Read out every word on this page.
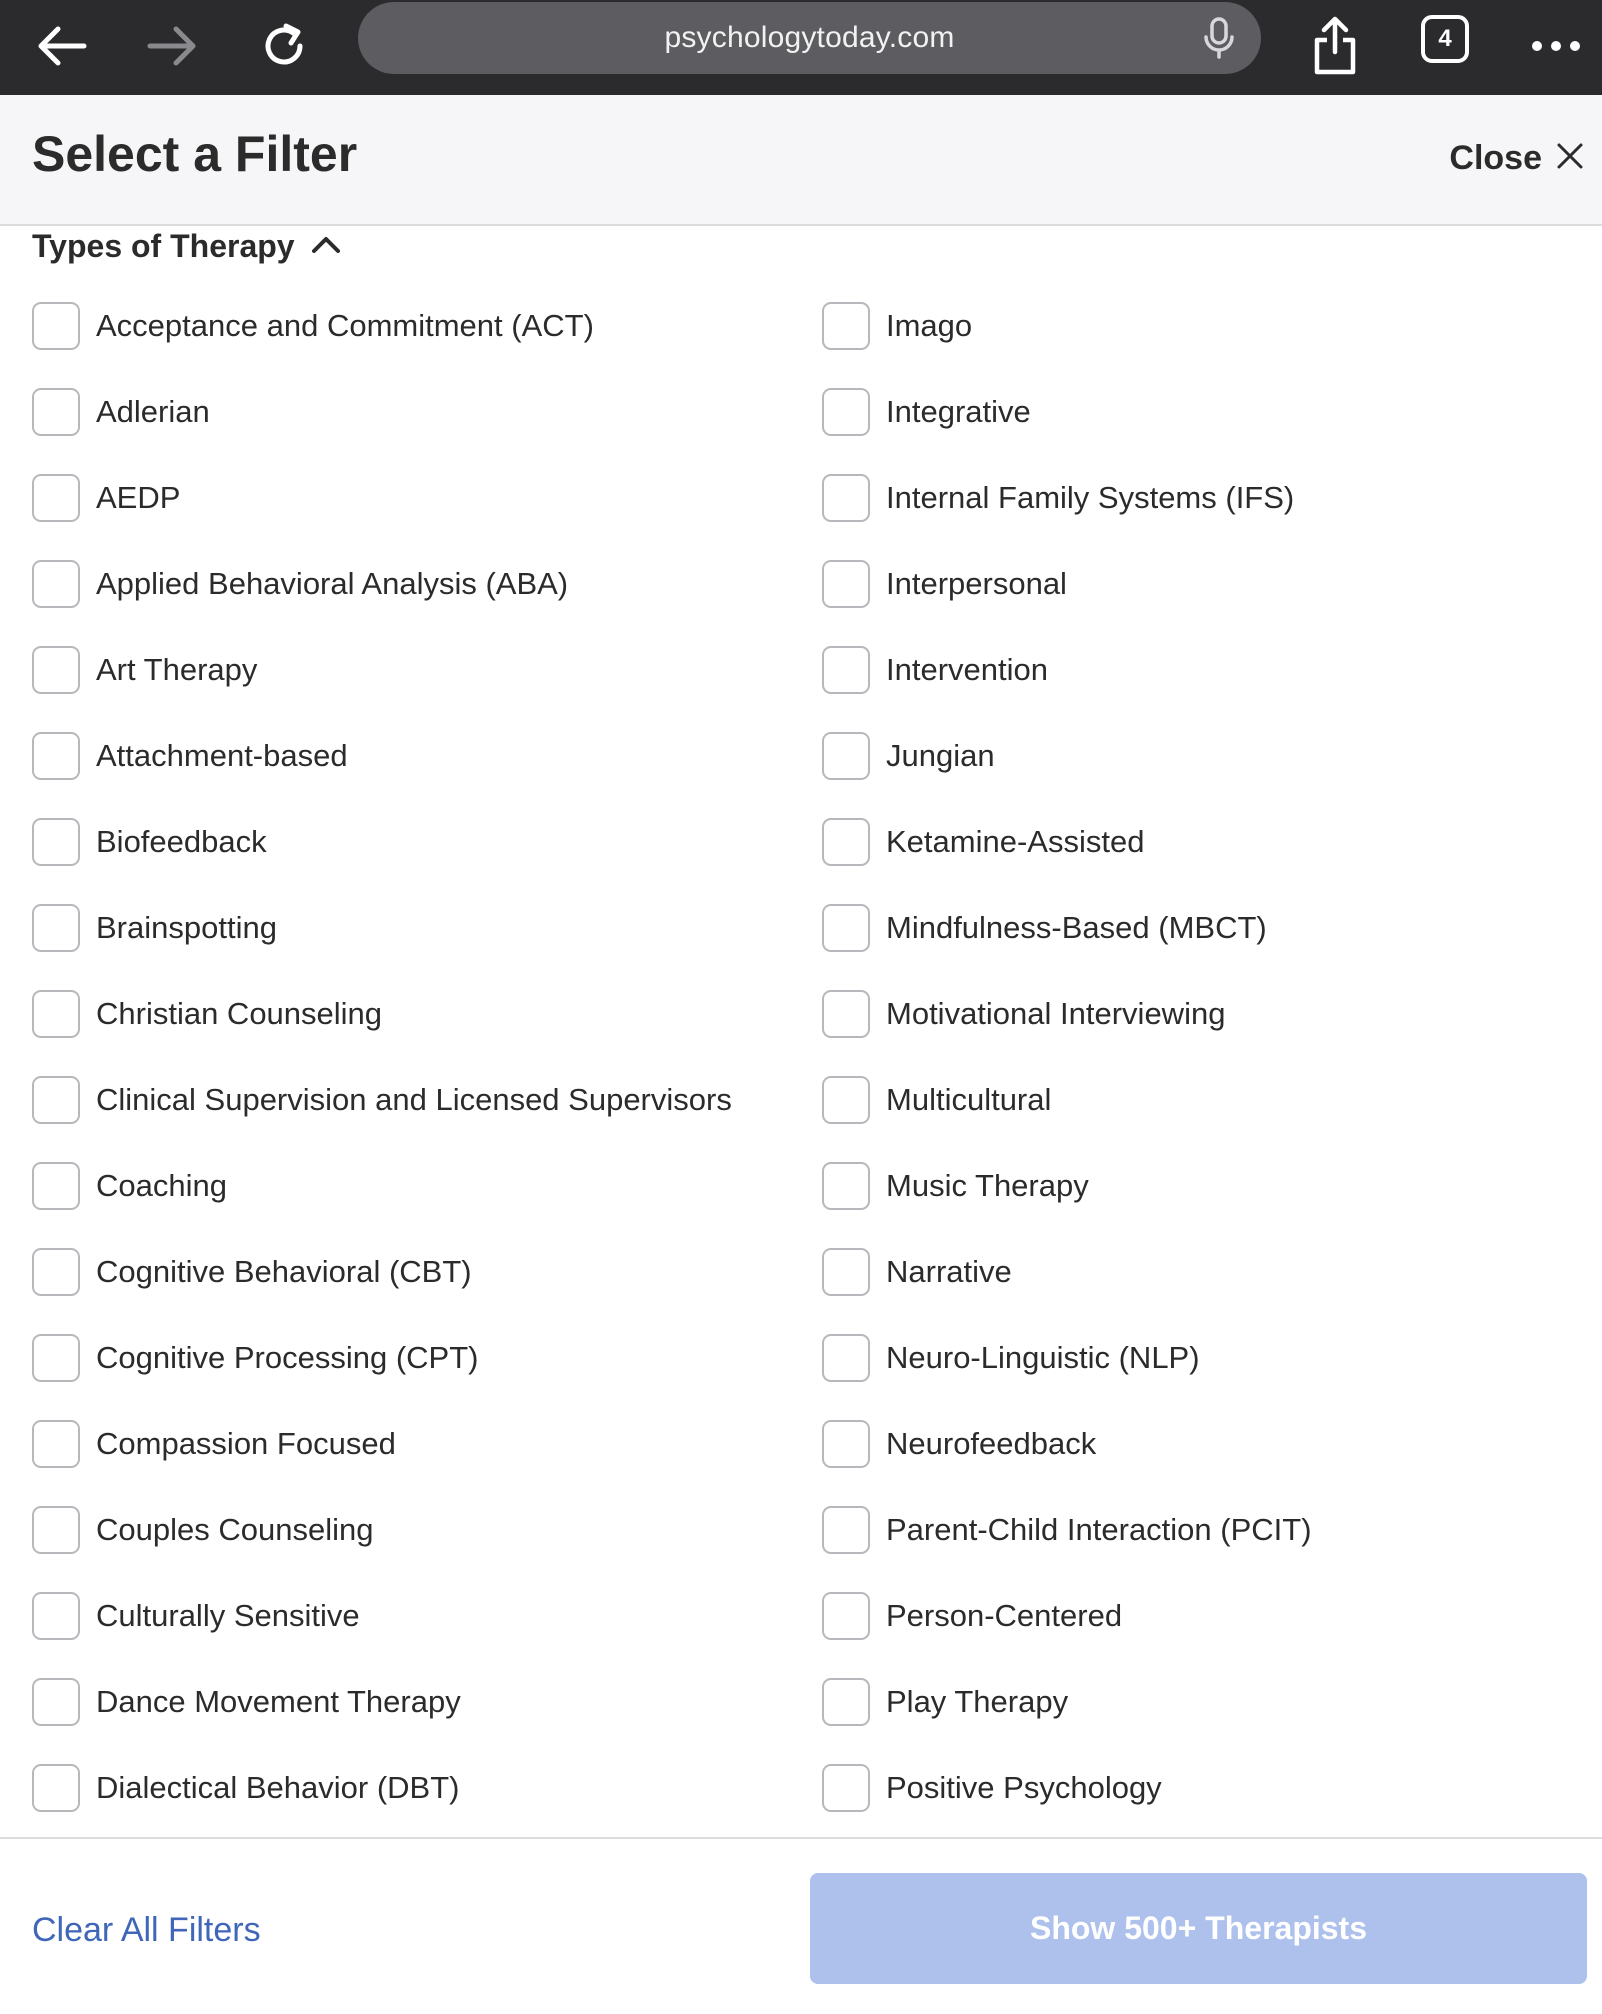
psychologytoday.com	4
Select a Filter	Close
Types of Therapy
Acceptance and Commitment (ACT)
Adlerian
AEDP
Applied Behavioral Analysis (ABA)
Art Therapy
Attachment-based
Biofeedback
Brainspotting
Christian Counseling
Clinical Supervision and Licensed Supervisors
Coaching
Cognitive Behavioral (CBT)
Cognitive Processing (CPT)
Compassion Focused
Couples Counseling
Culturally Sensitive
Dance Movement Therapy
Dialectical Behavior (DBT)
Imago
Integrative
Internal Family Systems (IFS)
Interpersonal
Intervention
Jungian
Ketamine-Assisted
Mindfulness-Based (MBCT)
Motivational Interviewing
Multicultural
Music Therapy
Narrative
Neuro-Linguistic (NLP)
Neurofeedback
Parent-Child Interaction (PCIT)
Person-Centered
Play Therapy
Positive Psychology
Clear All Filters	Show 500+ Therapists
